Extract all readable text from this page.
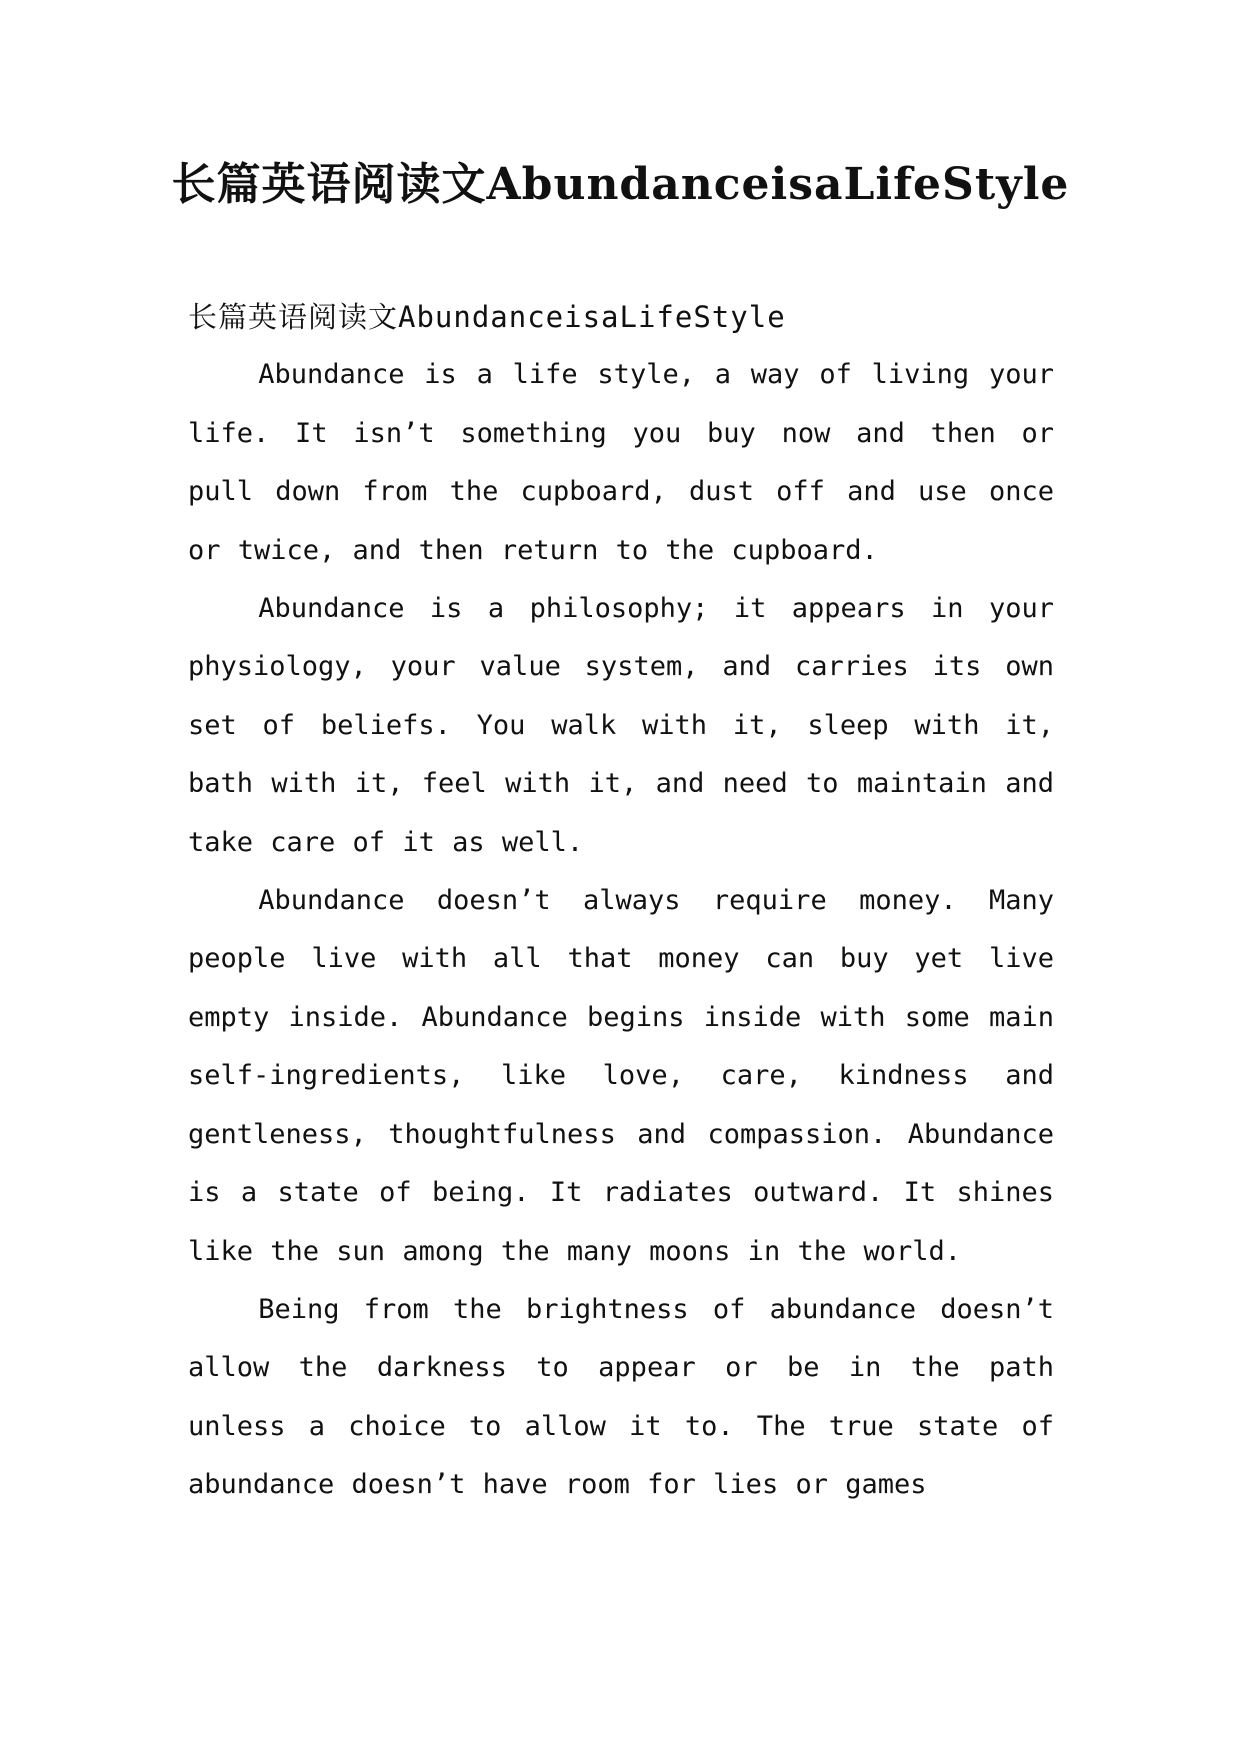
长篇英语阅读文AbundanceisaLifeStyle

长篇英语阅读文AbundanceisaLifeStyle

Abundance is a life style, a way of living your life. It isn’t something you buy now and then or pull down from the cupboard, dust off and use once or twice, and then return to the cupboard.

Abundance is a philosophy; it appears in your physiology, your value system, and carries its own set of beliefs. You walk with it, sleep with it, bath with it, feel with it, and need to maintain and take care of it as well.

Abundance doesn’t always require money. Many people live with all that money can buy yet live empty inside. Abundance begins inside with some main self-ingredients, like love, care, kindness and gentleness, thoughtfulness and compassion. Abundance is a state of being. It radiates outward. It shines like the sun among the many moons in the world.

Being from the brightness of abundance doesn’t allow the darkness to appear or be in the path unless a choice to allow it to. The true state of abundance doesn’t have room for lies or games
